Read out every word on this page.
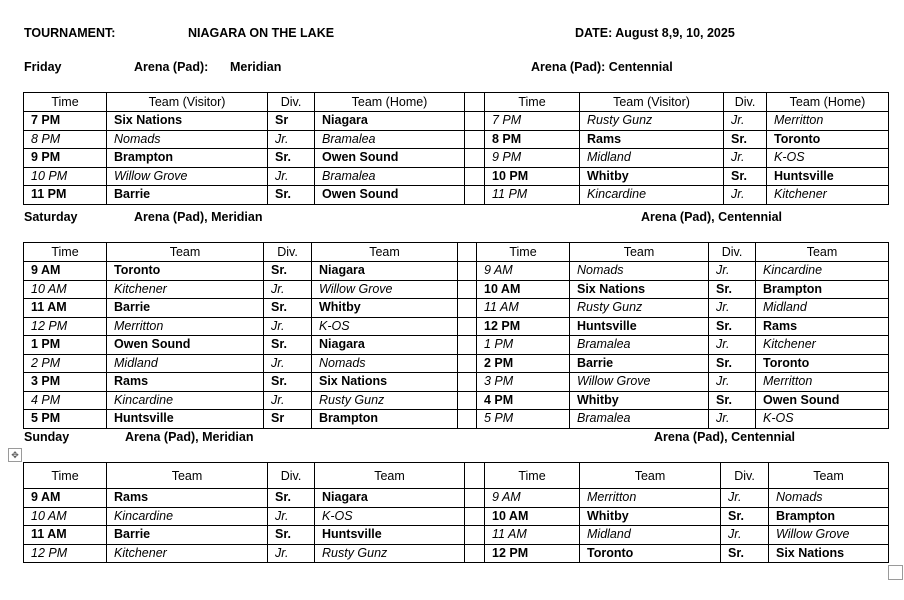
TOURNAMENT:	NIAGARA ON THE LAKE	DATE: August 8,9, 10, 2025
Friday	Arena (Pad): Meridian	Arena (Pad): Centennial
Time	Team (Visitor)	Div.	Team (Home)		Time	Team (Visitor)	Div.	Team (Home)
7 PM	Six Nations	Sr	Niagara		7 PM	Rusty Gunz	Jr.	Merritton
8 PM	Nomads	Jr.	Bramalea		8 PM	Rams	Sr.	Toronto
9 PM	Brampton	Sr.	Owen Sound		9 PM	Midland	Jr.	K-OS
10 PM	Willow Grove	Jr.	Bramalea		10 PM	Whitby	Sr.	Huntsville
11 PM	Barrie	Sr.	Owen Sound		11 PM	Kincardine	Jr.	Kitchener
Saturday	Arena (Pad), Meridian	Arena (Pad), Centennial
Time	Team	Div.	Team		Time	Team	Div.	Team
9 AM	Toronto	Sr.	Niagara		9 AM	Nomads	Jr.	Kincardine
10 AM	Kitchener	Jr.	Willow Grove		10 AM	Six Nations	Sr.	Brampton
11 AM	Barrie	Sr.	Whitby		11 AM	Rusty Gunz	Jr.	Midland
12 PM	Merritton	Jr.	K-OS		12 PM	Huntsville	Sr.	Rams
1 PM	Owen Sound	Sr.	Niagara		1 PM	Bramalea	Jr.	Kitchener
2 PM	Midland	Jr.	Nomads		2 PM	Barrie	Sr.	Toronto
3 PM	Rams	Sr.	Six Nations		3 PM	Willow Grove	Jr.	Merritton
4 PM	Kincardine	Jr.	Rusty Gunz		4 PM	Whitby	Sr.	Owen Sound
5 PM	Huntsville	Sr	Brampton		5 PM	Bramalea	Jr.	K-OS
Sunday	Arena (Pad), Meridian	Arena (Pad), Centennial
✥
Time	Team	Div.	Team		Time	Team	Div.	Team
9 AM	Rams	Sr.	Niagara		9 AM	Merritton	Jr.	Nomads
10 AM	Kincardine	Jr.	K-OS		10 AM	Whitby	Sr.	Brampton
11 AM	Barrie	Sr.	Huntsville		11 AM	Midland	Jr.	Willow Grove
12 PM	Kitchener	Jr.	Rusty Gunz		12 PM	Toronto	Sr.	Six Nations
